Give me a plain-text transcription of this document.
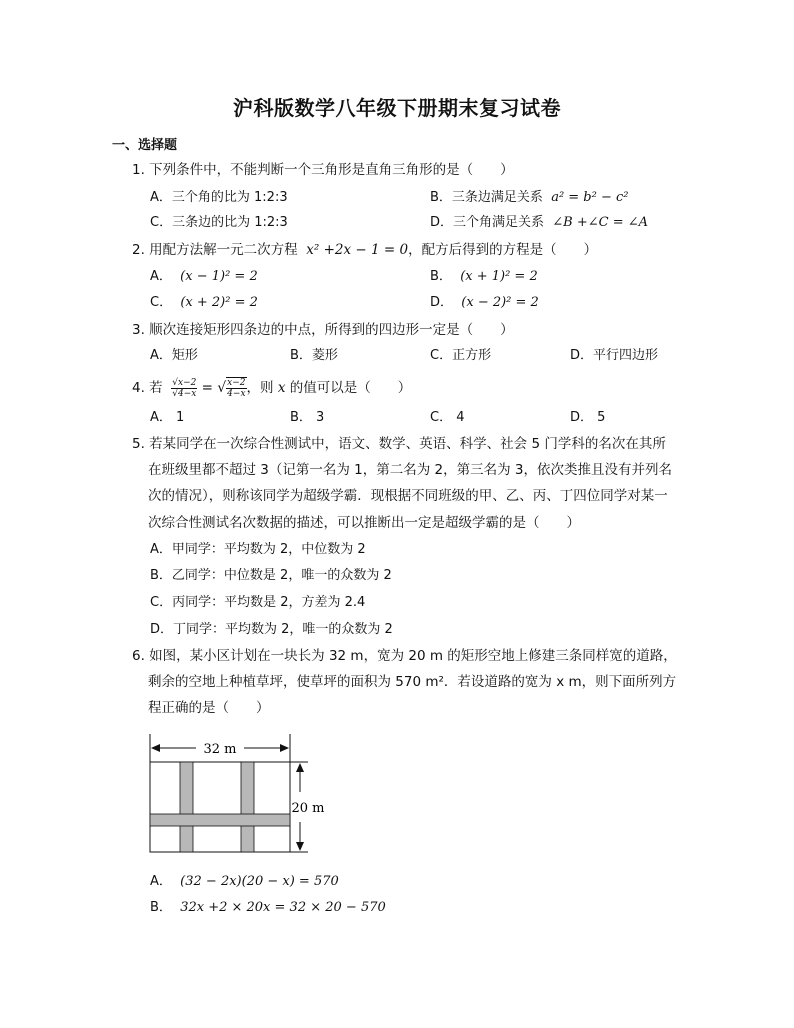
沪科版数学八年级下册期末复习试卷
一、选择题
1. 下列条件中，不能判断一个三角形是直角三角形的是（　　）
A．三个角的比为 1:2:3	B．三条边满足关系 a² = b² − c²
C．三条边的比为 1:2:3	D．三个角满足关系 ∠B +∠C = ∠A
2. 用配方法解一元二次方程 x² +2x − 1 = 0，配方后得到的方程是（　　）
A． (x − 1)² = 2	B． (x + 1)² = 2
C． (x + 2)² = 2	D． (x − 2)² = 2
3. 顺次连接矩形四条边的中点，所得到的四边形一定是（　　）
A．矩形	B．菱形	C．正方形	D．平行四边形
4. 若 $\frac{√x-2}{√4-x}$ = √ $\frac{x-2}{4-x}$ ，则 x 的值可以是（　　）
A． 1	B． 3	C． 4	D． 5
5. 若某同学在一次综合性测试中，语文、数学、英语、科学、社会 5 门学科的名次在其所
在班级里都不超过 3（记第一名为 1，第二名为 2，第三名为 3，依次类推且没有并列名
次的情况），则称该同学为超级学霸．现根据不同班级的甲、乙、丙、丁四位同学对某一
次综合性测试名次数据的描述，可以推断出一定是超级学霸的是（　　）
A．甲同学：平均数为 2，中位数为 2
B．乙同学：中位数是 2，唯一的众数为 2
C．丙同学：平均数是 2，方差为 2.4
D．丁同学：平均数为 2，唯一的众数为 2
6. 如图，某小区计划在一块长为 32 m，宽为 20 m 的矩形空地上修建三条同样宽的道路，
剩余的空地上种植草坪，使草坪的面积为 570 m²．若设道路的宽为 x m，则下面所列方
程正确的是（　　）
32 m
20 m
A． (32 − 2x)(20 − x) = 570
B． 32x +2 × 20x = 32 × 20 − 570
